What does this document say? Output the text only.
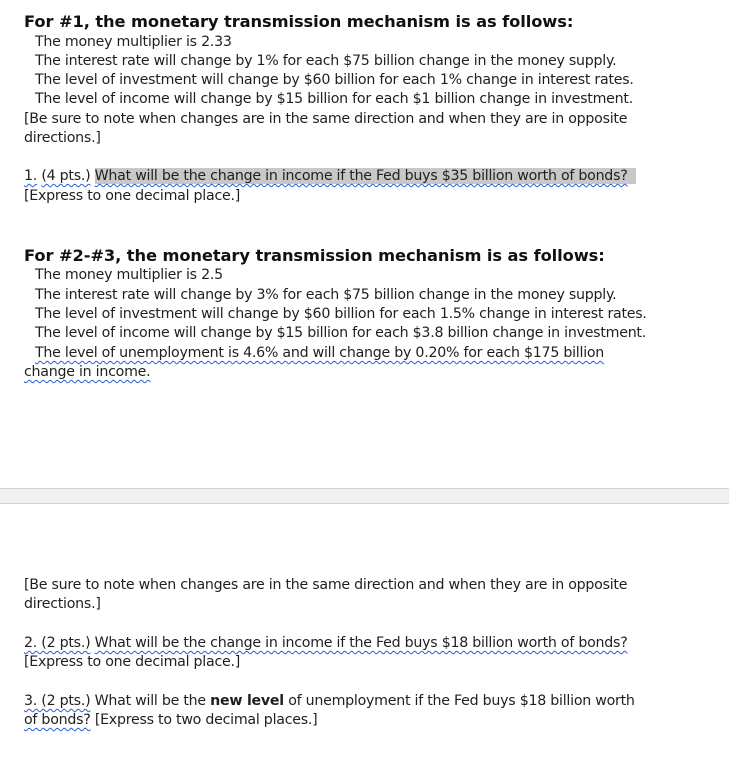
For #1, the monetary transmission mechanism is as follows:
The money multiplier is 2.33
The interest rate will change by 1% for each $75 billion change in the money supply.
The level of investment will change by $60 billion for each 1% change in interest rates.
The level of income will change by $15 billion for each $1 billion change in investment.
[Be sure to note when changes are in the same direction and when they are in opposite
directions.]
1. (4 pts.) What will be the change in income if the Fed buys $35 billion worth of bonds?
[Express to one decimal place.]
For #2-#3, the monetary transmission mechanism is as follows:
The money multiplier is 2.5
The interest rate will change by 3% for each $75 billion change in the money supply.
The level of investment will change by $60 billion for each 1.5% change in interest rates.
The level of income will change by $15 billion for each $3.8 billion change in investment.
The level of unemployment is 4.6% and will change by 0.20% for each $175 billion
change in income.
[Be sure to note when changes are in the same direction and when they are in opposite
directions.]
2. (2 pts.) What will be the change in income if the Fed buys $18 billion worth of bonds?
[Express to one decimal place.]
3. (2 pts.) What will be the new level of unemployment if the Fed buys $18 billion worth
of bonds? [Express to two decimal places.]
